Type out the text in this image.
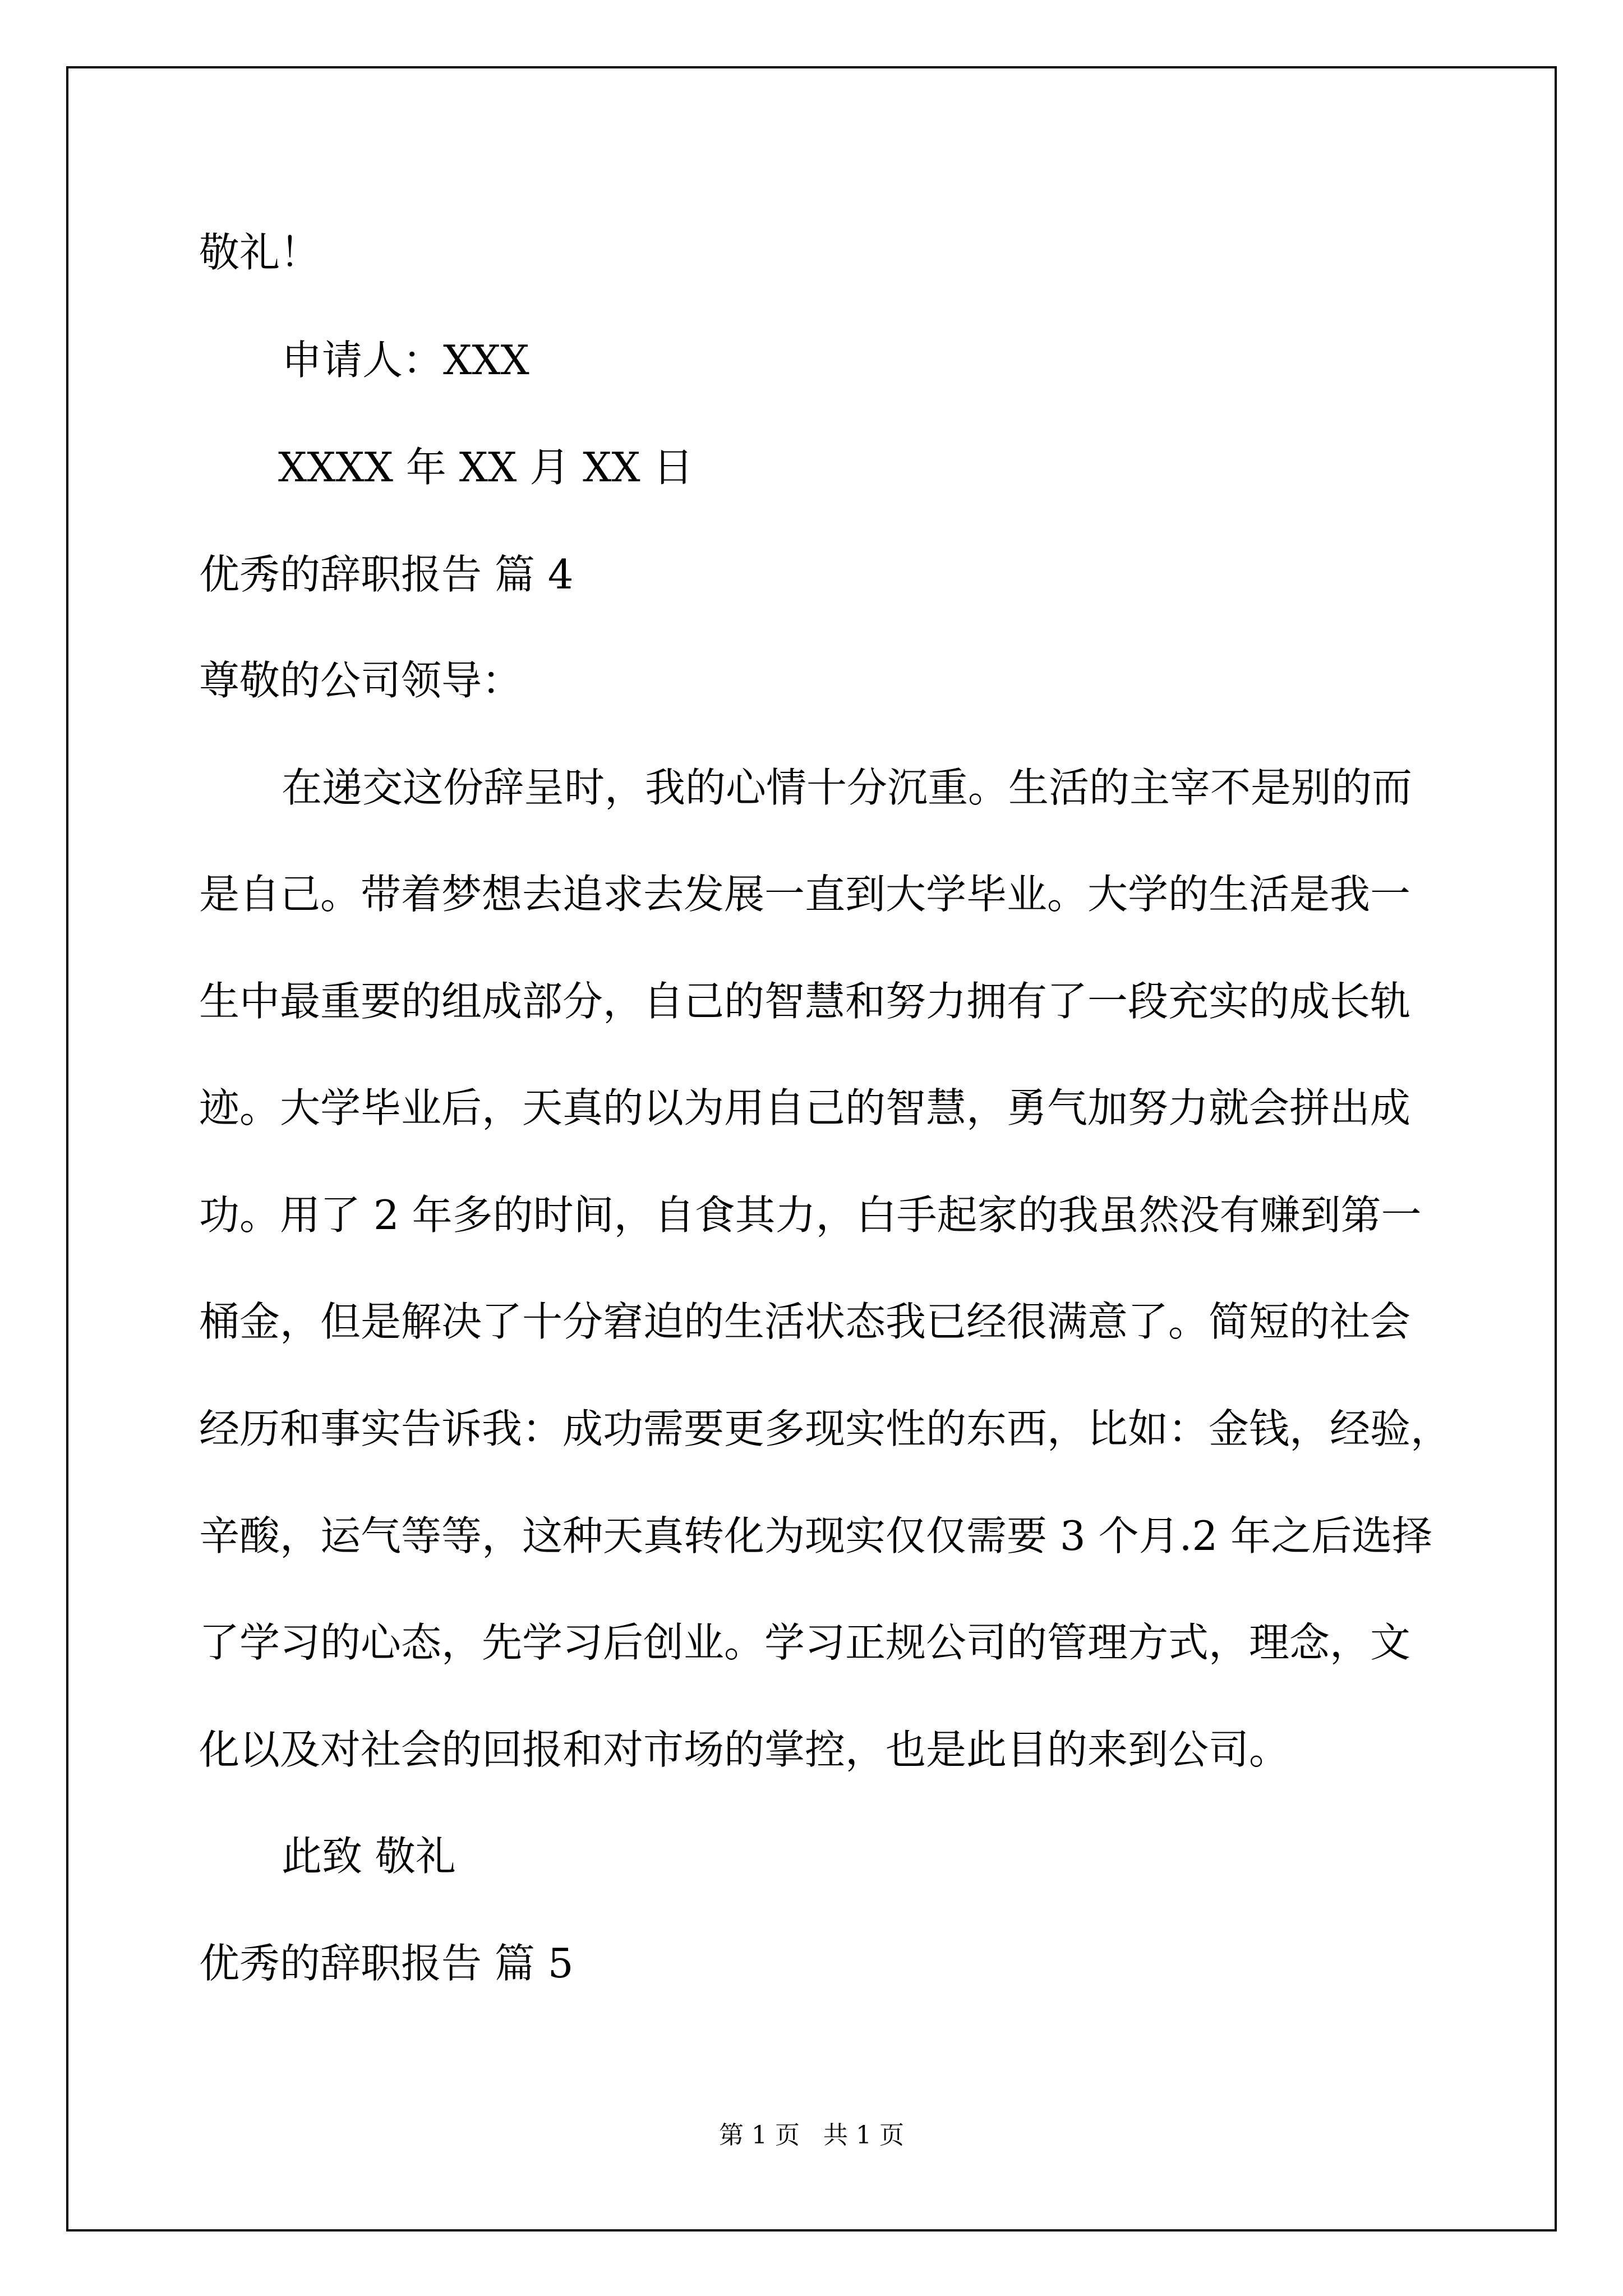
敬礼！
申请人：XXX
XXXX 年 XX 月 XX 日
优秀的辞职报告 篇 4
尊敬的公司领导：
在递交这份辞呈时，我的心情十分沉重。生活的主宰不是别的而
是自己。带着梦想去追求去发展一直到大学毕业。大学的生活是我一
生中最重要的组成部分，自己的智慧和努力拥有了一段充实的成长轨
迹。大学毕业后，天真的以为用自己的智慧，勇气加努力就会拼出成
功。用了 2 年多的时间，自食其力，白手起家的我虽然没有赚到第一
桶金，但是解决了十分窘迫的生活状态我已经很满意了。简短的社会
经历和事实告诉我：成功需要更多现实性的东西，比如：金钱，经验，
辛酸，运气等等，这种天真转化为现实仅仅需要 3 个月.2 年之后选择
了学习的心态，先学习后创业。学习正规公司的管理方式，理念，文
化以及对社会的回报和对市场的掌控，也是此目的来到公司。
此致 敬礼
优秀的辞职报告 篇 5
第 1 页   共 1 页
